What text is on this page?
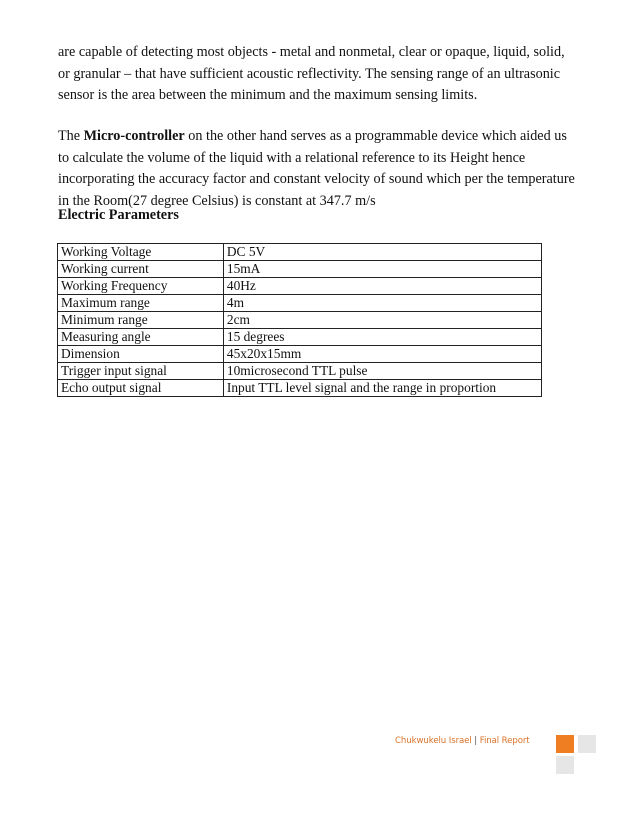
are capable of detecting most objects - metal and nonmetal, clear or opaque, liquid, solid,
or granular – that have sufficient acoustic reflectivity. The sensing range of an ultrasonic
sensor is the area between the minimum and the maximum sensing limits.

The Micro-controller on the other hand serves as a programmable device which aided us
to calculate the volume of the liquid with a relational reference to its Height hence
incorporating the accuracy factor and constant velocity of sound which per the temperature
in the Room(27 degree Celsius) is constant at 347.7 m/s

Electric Parameters
Working Voltage	DC 5V
Working current	15mA
Working Frequency	40Hz
Maximum range	4m
Minimum range	2cm
Measuring angle	15 degrees
Dimension	45x20x15mm
Trigger input signal	10microsecond TTL pulse
Echo output signal	Input TTL level signal and the range in proportion
Chukwukelu Israel | Final Report
